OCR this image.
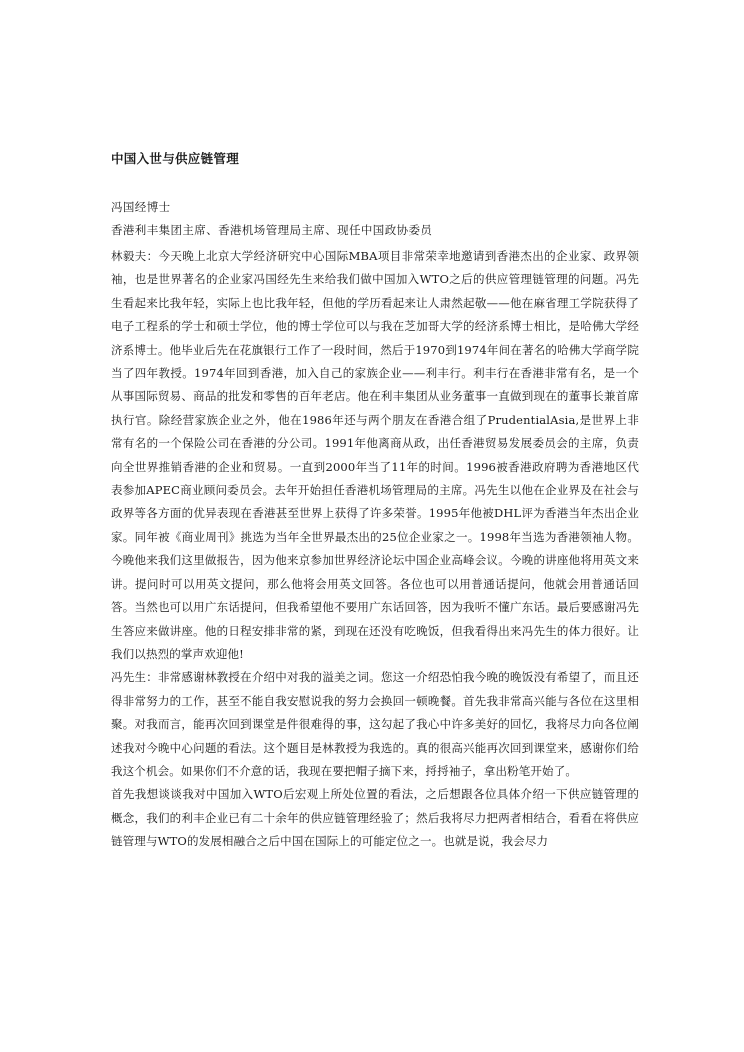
中国入世与供应链管理
冯国经博士
香港利丰集团主席、香港机场管理局主席、现任中国政协委员

林毅夫：今天晚上北京大学经济研究中心国际MBA项目非常荣幸地邀请到香港杰出的企业家、政界领袖，也是世界著名的企业家冯国经先生来给我们做中国加入WTO之后的供应管理链管理的问题。冯先生看起来比我年轻，实际上也比我年轻，但他的学历看起来让人肃然起敬——他在麻省理工学院获得了电子工程系的学士和硕士学位，他的博士学位可以与我在芝加哥大学的经济系博士相比，是哈佛大学经济系博士。他毕业后先在花旗银行工作了一段时间，然后于1970到1974年间在著名的哈佛大学商学院当了四年教授。1974年回到香港，加入自己的家族企业——利丰行。利丰行在香港非常有名，是一个从事国际贸易、商品的批发和零售的百年老店。他在利丰集团从业务董事一直做到现在的董事长兼首席执行官。除经营家族企业之外，他在1986年还与两个朋友在香港合组了PrudentialAsia,是世界上非常有名的一个保险公司在香港的分公司。1991年他离商从政，出任香港贸易发展委员会的主席，负责向全世界推销香港的企业和贸易。一直到2000年当了11年的时间。1996被香港政府聘为香港地区代表参加APEC商业顾问委员会。去年开始担任香港机场管理局的主席。冯先生以他在企业界及在社会与政界等各方面的优异表现在香港甚至世界上获得了许多荣誉。1995年他被DHL评为香港当年杰出企业家。同年被《商业周刊》挑选为当年全世界最杰出的25位企业家之一。1998年当选为香港领袖人物。今晚他来我们这里做报告，因为他来京参加世界经济论坛中国企业高峰会议。今晚的讲座他将用英文来讲。提问时可以用英文提问，那么他将会用英文回答。各位也可以用普通话提问，他就会用普通话回答。当然也可以用广东话提问，但我希望他不要用广东话回答，因为我听不懂广东话。最后要感谢冯先生答应来做讲座。他的日程安排非常的紧，到现在还没有吃晚饭，但我看得出来冯先生的体力很好。让我们以热烈的掌声欢迎他!

冯先生：非常感谢林教授在介绍中对我的溢美之词。您这一介绍恐怕我今晚的晚饭没有希望了，而且还得非常努力的工作，甚至不能自我安慰说我的努力会换回一顿晚餐。首先我非常高兴能与各位在这里相聚。对我而言，能再次回到课堂是件很难得的事，这勾起了我心中许多美好的回忆，我将尽力向各位阐述我对今晚中心问题的看法。这个题目是林教授为我选的。真的很高兴能再次回到课堂来，感谢你们给我这个机会。如果你们不介意的话，我现在要把帽子摘下来，捋捋袖子，拿出粉笔开始了。

首先我想谈谈我对中国加入WTO后宏观上所处位置的看法，之后想跟各位具体介绍一下供应链管理的概念，我们的利丰企业已有二十余年的供应链管理经验了；然后我将尽力把两者相结合，看看在将供应链管理与WTO的发展相融合之后中国在国际上的可能定位之一。也就是说，我会尽力
